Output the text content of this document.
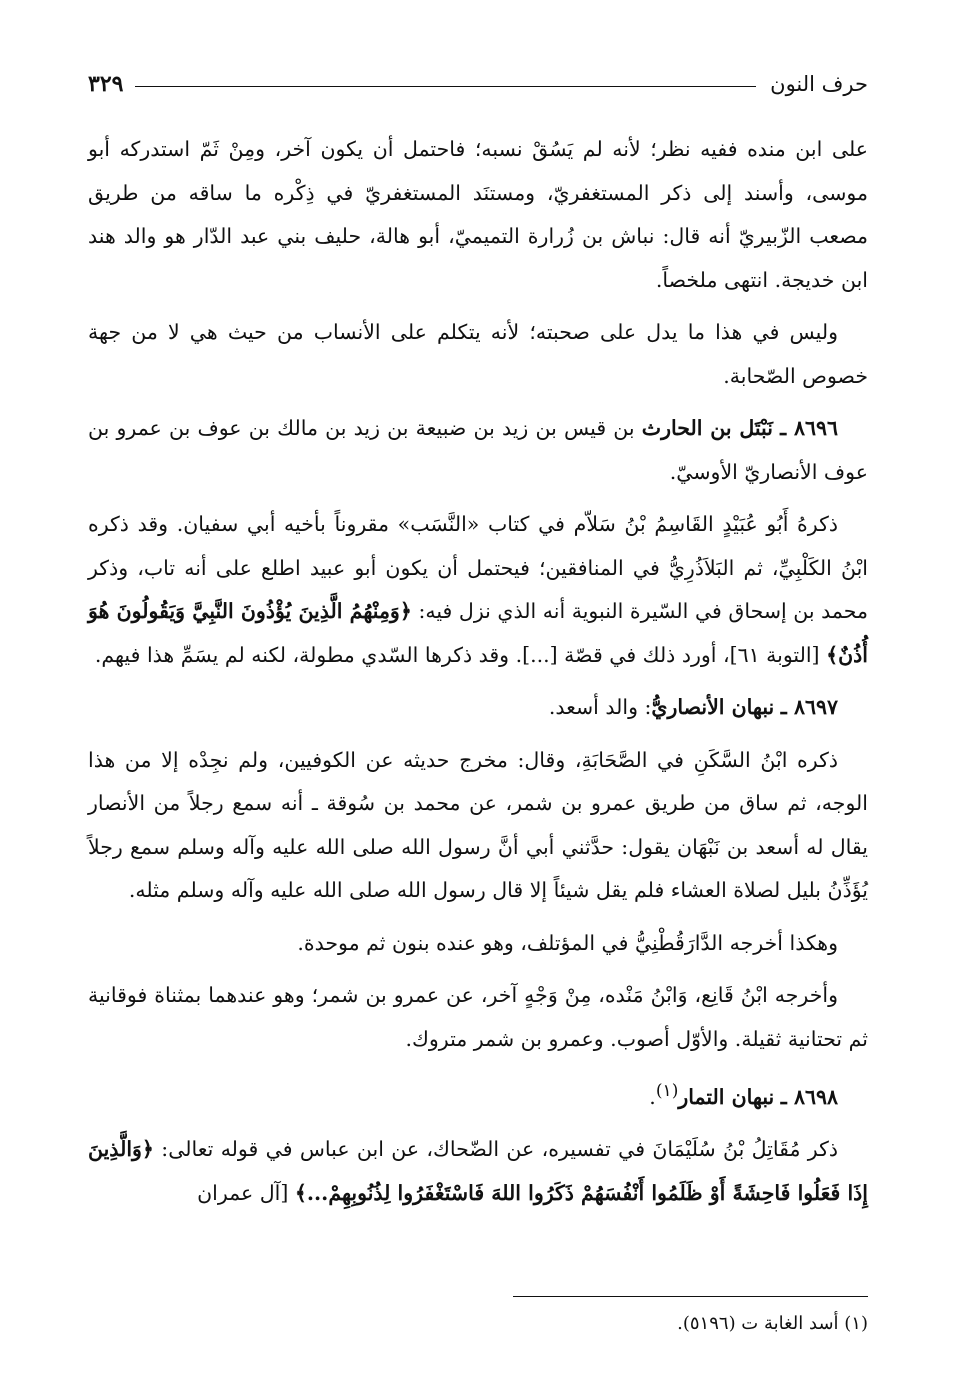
حرف النون
٣٢٩

على ابن منده ففيه نظر؛ لأنه لم يَسُقْ نسبه؛ فاحتمل أن يكون آخر، ومِنْ ثَمّ استدركه أبو موسى، وأسند إلى ذكر المستغفريّ، ومستنَد المستغفريّ في ذِكْره ما ساقه من طريق مصعب الزّبيريّ أنه قال: نباش بن زُرارة التميميّ، أبو هالة، حليف بني عبد الدّار هو والد هند ابن خديجة. انتهى ملخصاً.

وليس في هذا ما يدل على صحبته؛ لأنه يتكلم على الأنساب من حيث هي لا من جهة خصوص الصّحابة.

٨٦٩٦ ـ نَبْتَل بن الحارث بن قيس بن زيد بن ضبيعة بن زيد بن مالك بن عوف بن عمرو بن عوف الأنصاريّ الأوسيّ.

ذكرهُ أَبُو عُبَيْدٍ القَاسِمُ بْنُ سَلاّم في كتاب «النَّسَب» مقروناً بأخيه أبي سفيان. وقد ذكره ابْنُ الكَلْبِيِّ، ثم البَلاَذُرِيُّ في المنافقين؛ فيحتمل أن يكون أبو عبيد اطلع على أنه تاب، وذكر محمد بن إسحاق في السّيرة النبوية أنه الذي نزل فيه: ﴿وَمِنْهُمُ الَّذِينَ يُؤْذُونَ النَّبِيَّ وَيَقُولُونَ هُوَ أُذُنٌ﴾ [التوبة ٦١]، أورد ذلك في قصّة [...]. وقد ذكرها السّدي مطولة، لكنه لم يسَمِّ هذا فيهم.

٨٦٩٧ ـ نبهان الأنصاريُّ: والد أسعد.

ذكره ابْنُ السَّكَنِ في الصَّحَابَةِ، وقال: مخرج حديثه عن الكوفيين، ولم نجِدْه إلا من هذا الوجه، ثم ساق من طريق عمرو بن شمر، عن محمد بن سُوقة ـ أنه سمع رجلاً من الأنصار يقال له أسعد بن نَبْهَان يقول: حدَّثني أبي أنَّ رسول الله صلى الله عليه وآله وسلم سمع رجلاً يُؤَذِّنُ بليل لصلاة العشاء فلم يقل شيئاً إلا قال رسول الله صلى الله عليه وآله وسلم مثله.

وهكذا أخرجه الدَّارَقُطْنِيُّ في المؤتلف، وهو عنده بنون ثم موحدة.

وأخرجه ابْنُ قَانِع، وَابْنُ مَنْده، مِنْ وَجْهٍ آخر، عن عمرو بن شمر؛ وهو عندهما بمثناة فوقانية ثم تحتانية ثقيلة. والأوّل أصوب. وعمرو بن شمر متروك.

٨٦٩٨ ـ نبهان التمار$^{(١)}$.

ذكر مُقَاتِلُ بْنُ سُلَيْمَانَ في تفسيره، عن الضّحاك، عن ابن عباس في قوله تعالى: ﴿وَالَّذِينَ إِذَا فَعَلُوا فَاحِشَةً أَوْ ظَلَمُوا أَنْفُسَهُمْ ذَكَرُوا اللهَ فَاسْتَغْفَرُوا لِذُنُوبِهِمْ...﴾ [آل عمران

(١) أسد الغابة ت (٥١٩٦).
